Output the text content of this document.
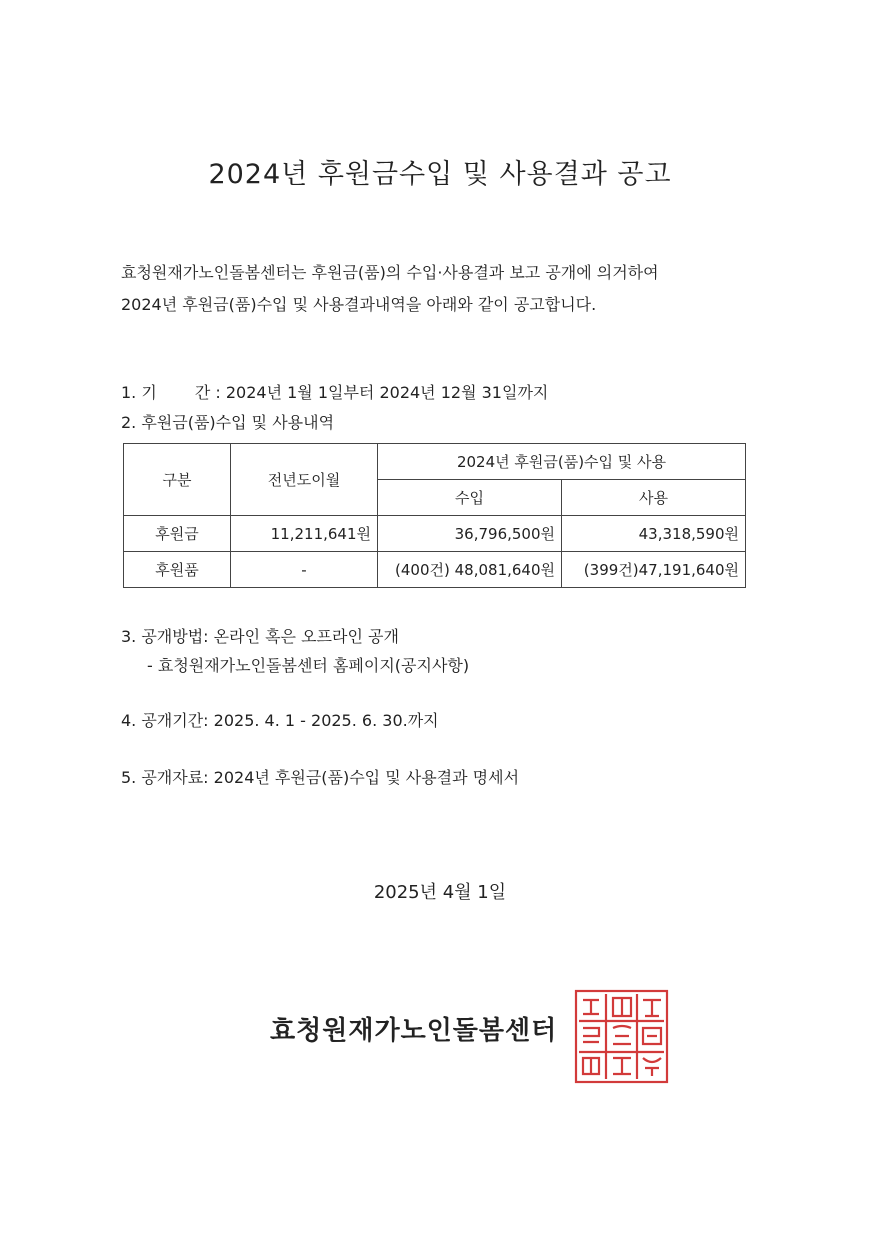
2024년 후원금수입 및 사용결과 공고
효청원재가노인돌봄센터는 후원금(품)의 수입·사용결과 보고 공개에 의거하여
2024년 후원금(품)수입 및 사용결과내역을 아래와 같이 공고합니다.
1. 기 간 : 2024년 1월 1일부터 2024년 12월 31일까지
2. 후원금(품)수입 및 사용내역
구분	전년도이월	2024년 후원금(품)수입 및 사용	
		수입	사용
후원금	11,211,641원	36,796,500원	43,318,590원
후원품	-	(400건) 48,081,640원	(399건)47,191,640원
3. 공개방법: 온라인 혹은 오프라인 공개
- 효청원재가노인돌봄센터 홈페이지(공지사항)
4. 공개기간: 2025. 4. 1 - 2025. 6. 30.까지
5. 공개자료: 2024년 후원금(품)수입 및 사용결과 명세서
2025년 4월 1일
효청원재가노인돌봄센터
